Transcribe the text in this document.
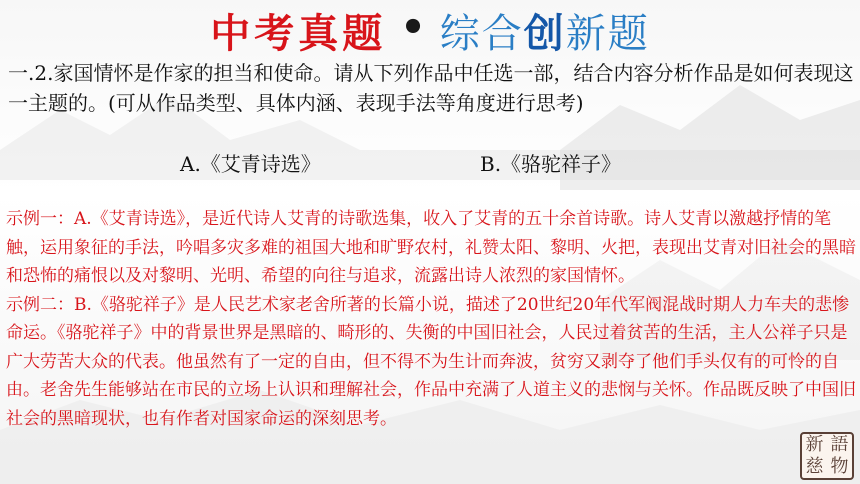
中考真题 • 综合创新题
一.2.家国情怀是作家的担当和使命。请从下列作品中任选一部，结合内容分析作品是如何表现这一主题的。(可从作品类型、具体内涵、表现手法等角度进行思考)
A.《艾青诗选》	B.《骆驼祥子》

示例一：A.《艾青诗选》，是近代诗人艾青的诗歌选集，收入了艾青的五十余首诗歌。诗人艾青以激越抒情的笔触，运用象征的手法，吟唱多灾多难的祖国大地和旷野农村，礼赞太阳、黎明、火把，表现出艾青对旧社会的黑暗和恐怖的痛恨以及对黎明、光明、希望的向往与追求，流露出诗人浓烈的家国情怀。

示例二：B.《骆驼祥子》是人民艺术家老舍所著的长篇小说，描述了20世纪20年代军阀混战时期人力车夫的悲惨命运。《骆驼祥子》中的背景世界是黑暗的、畸形的、失衡的中国旧社会，人民过着贫苦的生活，主人公祥子只是广大劳苦大众的代表。他虽然有了一定的自由，但不得不为生计而奔波，贫穷又剥夺了他们手头仅有的可怜的自由。老舍先生能够站在市民的立场上认识和理解社会，作品中充满了人道主义的悲悯与关怀。作品既反映了中国旧社会的黑暗现状，也有作者对国家命运的深刻思考。

新 語
慈 物
